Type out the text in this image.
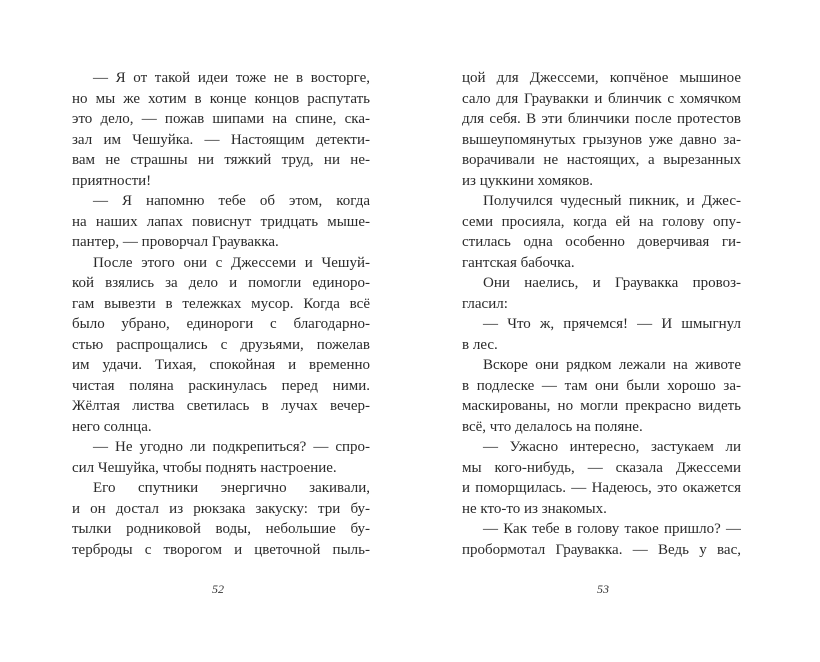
— Я от такой идеи тоже не в восторге,
но мы же хотим в конце концов распутать
это дело, — пожав шипами на спине, ска-
зал им Чешуйка. — Настоящим детекти-
вам не страшны ни тяжкий труд, ни не-
приятности!
— Я напомню тебе об этом, когда
на наших лапах повиснут тридцать мыше-
пантер, — проворчал Граувакка.
После этого они с Джессеми и Чешуй-
кой взялись за дело и помогли единоро-
гам вывезти в тележках мусор. Когда всё
было убрано, единороги с благодарно-
стью распрощались с друзьями, пожелав
им удачи. Тихая, спокойная и временно
чистая поляна раскинулась перед ними.
Жёлтая листва светилась в лучах вечер-
него солнца.
— Не угодно ли подкрепиться? — спро-
сил Чешуйка, чтобы поднять настроение.
Его спутники энергично закивали,
и он достал из рюкзака закуску: три бу-
тылки родниковой воды, небольшие бу-
терброды с творогом и цветочной пыль-
цой для Джессеми, копчёное мышиное
сало для Граувакки и блинчик с хомячком
для себя. В эти блинчики после протестов
вышеупомянутых грызунов уже давно за-
ворачивали не настоящих, а вырезанных
из цуккини хомяков.
Получился чудесный пикник, и Джес-
семи просияла, когда ей на голову опу-
стилась одна особенно доверчивая ги-
гантская бабочка.
Они наелись, и Граувакка провоз-
гласил:
— Что ж, прячемся! — И шмыгнул
в лес.
Вскоре они рядком лежали на животе
в подлеске — там они были хорошо за-
маскированы, но могли прекрасно видеть
всё, что делалось на поляне.
— Ужасно интересно, застукаем ли
мы кого-нибудь, — сказала Джессеми
и поморщилась. — Надеюсь, это окажется
не кто-то из знакомых.
— Как тебе в голову такое пришло? —
пробормотал Граувакка. — Ведь у вас,
52	53
